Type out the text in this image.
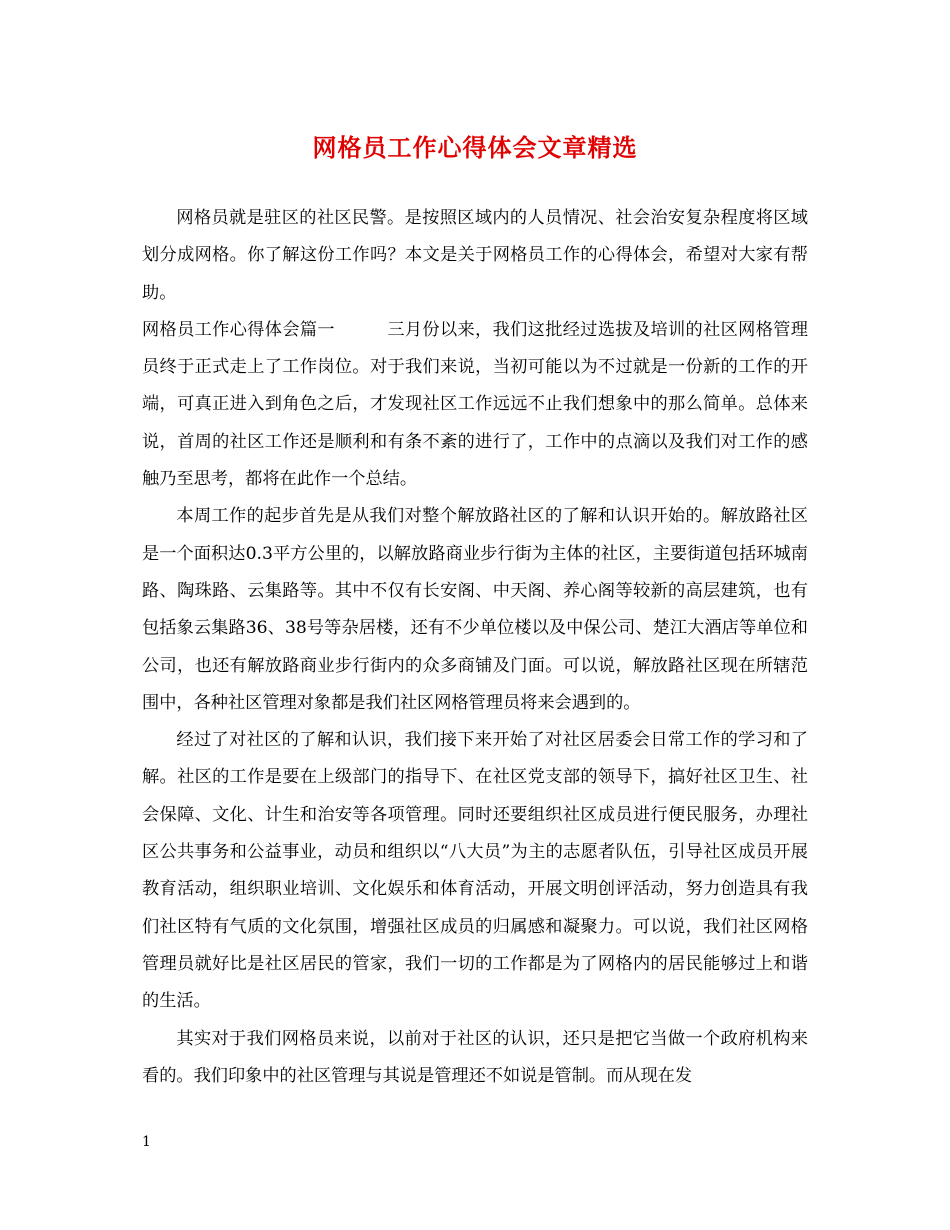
网格员工作心得体会文章精选

网格员就是驻区的社区民警。是按照区域内的人员情况、社会治安复杂程度将区域划分成网格。你了解这份工作吗？本文是关于网格员工作的心得体会，希望对大家有帮助。

网格员工作心得体会篇一	三月份以来，我们这批经过选拔及培训的社区网格管理员终于正式走上了工作岗位。对于我们来说，当初可能以为不过就是一份新的工作的开端，可真正进入到角色之后，才发现社区工作远远不止我们想象中的那么简单。总体来说，首周的社区工作还是顺利和有条不紊的进行了，工作中的点滴以及我们对工作的感触乃至思考，都将在此作一个总结。

本周工作的起步首先是从我们对整个解放路社区的了解和认识开始的。解放路社区是一个面积达0.3平方公里的，以解放路商业步行街为主体的社区，主要街道包括环城南路、陶珠路、云集路等。其中不仅有长安阁、中天阁、养心阁等较新的高层建筑，也有包括象云集路36、38号等杂居楼，还有不少单位楼以及中保公司、楚江大酒店等单位和公司，也还有解放路商业步行街内的众多商铺及门面。可以说，解放路社区现在所辖范围中，各种社区管理对象都是我们社区网格管理员将来会遇到的。

经过了对社区的了解和认识，我们接下来开始了对社区居委会日常工作的学习和了解。社区的工作是要在上级部门的指导下、在社区党支部的领导下，搞好社区卫生、社会保障、文化、计生和治安等各项管理。同时还要组织社区成员进行便民服务，办理社区公共事务和公益事业，动员和组织以“八大员”为主的志愿者队伍，引导社区成员开展教育活动，组织职业培训、文化娱乐和体育活动，开展文明创评活动，努力创造具有我们社区特有气质的文化氛围，增强社区成员的归属感和凝聚力。可以说，我们社区网格管理员就好比是社区居民的管家，我们一切的工作都是为了网格内的居民能够过上和谐的生活。

其实对于我们网格员来说，以前对于社区的认识，还只是把它当做一个政府机构来看的。我们印象中的社区管理与其说是管理还不如说是管制。而从现在发

1
